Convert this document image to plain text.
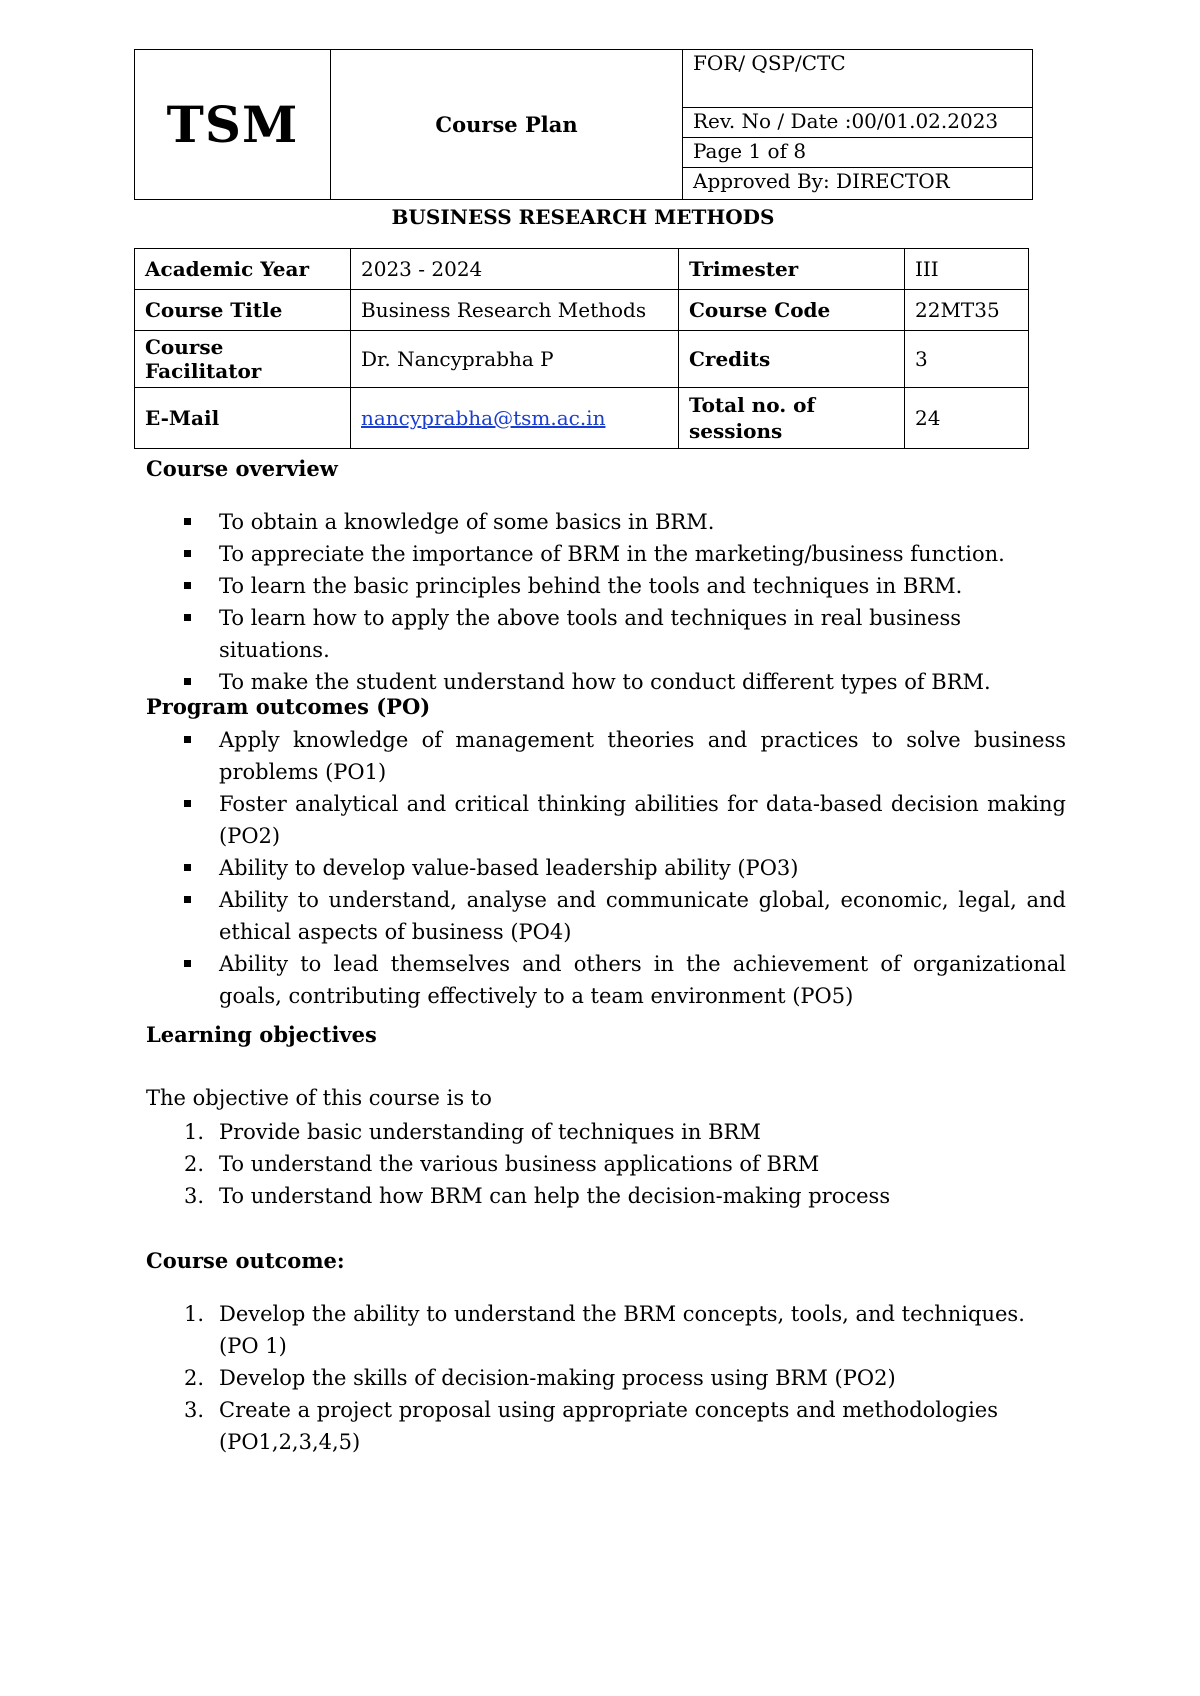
TSM	Course Plan	FOR/ QSP/CTC
Rev. No / Date :00/01.02.2023
Page 1 of 8
Approved By: DIRECTOR
BUSINESS RESEARCH METHODS
Academic Year	2023 - 2024	Trimester	III
Course Title	Business Research Methods	Course Code	22MT35
Course Facilitator	Dr. Nancyprabha P	Credits	3
E-Mail	nancyprabha@tsm.ac.in	Total no. of sessions	24
Course overview
To obtain a knowledge of some basics in BRM.
To appreciate the importance of BRM in the marketing/business function.
To learn the basic principles behind the tools and techniques in BRM.
To learn how to apply the above tools and techniques in real business situations.
To make the student understand how to conduct different types of BRM.
Program outcomes (PO)
Apply knowledge of management theories and practices to solve business problems (PO1)
Foster analytical and critical thinking abilities for data-based decision making (PO2)
Ability to develop value-based leadership ability (PO3)
Ability to understand, analyse and communicate global, economic, legal, and ethical aspects of business (PO4)
Ability to lead themselves and others in the achievement of organizational goals, contributing effectively to a team environment (PO5)
Learning objectives
The objective of this course is to
1. Provide basic understanding of techniques in BRM
2. To understand the various business applications of BRM
3. To understand how BRM can help the decision-making process
Course outcome:
1. Develop the ability to understand the BRM concepts, tools, and techniques. (PO 1)
2. Develop the skills of decision-making process using BRM (PO2)
3. Create a project proposal using appropriate concepts and methodologies (PO1,2,3,4,5)
